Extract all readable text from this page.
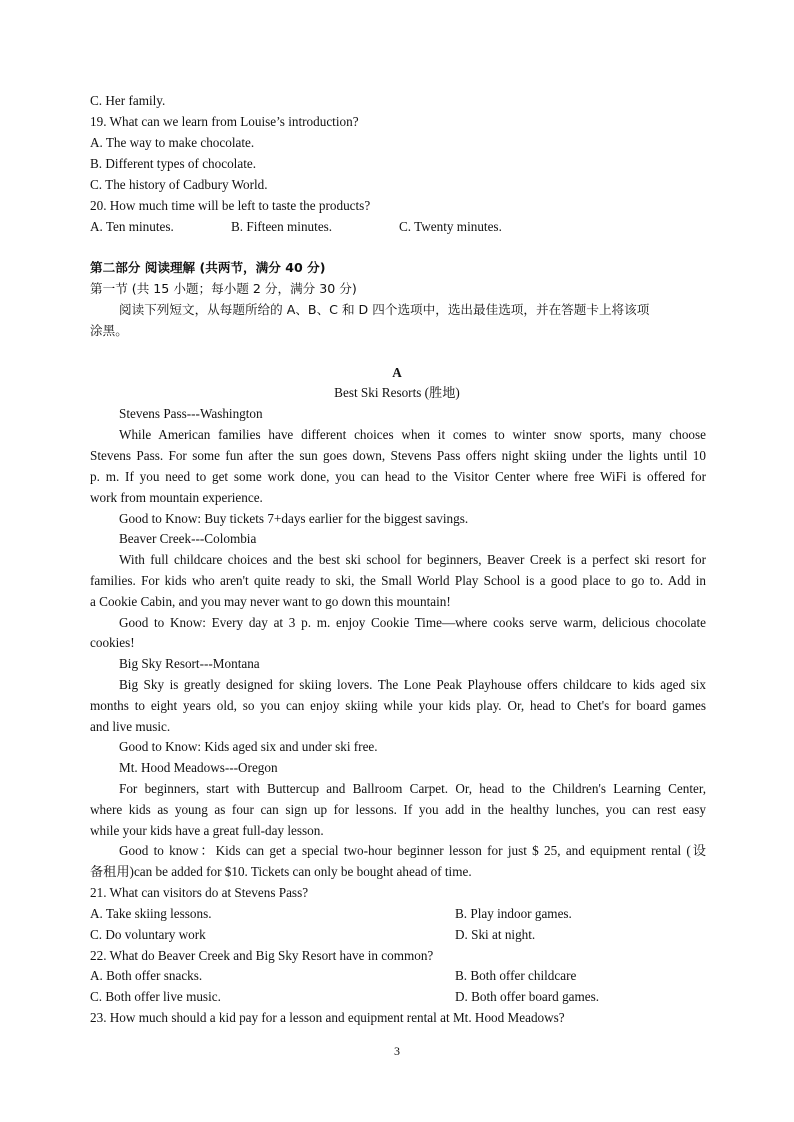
C. Her family.
19. What can we learn from Louise’s introduction?
A. The way to make chocolate.
B. Different types of chocolate.
C. The history of Cadbury World.
20. How much time will be left to taste the products?
A. Ten minutes.	B. Fifteen minutes.	C. Twenty minutes.
第二部分 阅读理解 (共两节，满分 40 分)
第一节 (共 15 小题；每小题 2 分，满分 30 分)
阅读下列短文，从每题所给的 A、B、C 和 D 四个选项中，选出最佳选项，并在答题卡上将该项
涂黑。
A
Best Ski Resorts (胜地)
Stevens Pass---Washington
While American families have different choices when it comes to winter snow sports, many choose
Stevens Pass. For some fun after the sun goes down, Stevens Pass offers night skiing under the lights until 10
p. m. If you need to get some work done, you can head to the Visitor Center where free WiFi is offered for
work from mountain experience.
Good to Know: Buy tickets 7+days earlier for the biggest savings.
Beaver Creek---Colombia
With full childcare choices and the best ski school for beginners, Beaver Creek is a perfect ski resort for
families. For kids who aren't quite ready to ski, the Small World Play School is a good place to go to. Add in
a Cookie Cabin, and you may never want to go down this mountain!
Good to Know: Every day at 3 p. m. enjoy Cookie Time—where cooks serve warm, delicious chocolate
cookies!
Big Sky Resort---Montana
Big Sky is greatly designed for skiing lovers. The Lone Peak Playhouse offers childcare to kids aged six
months to eight years old, so you can enjoy skiing while your kids play. Or, head to Chet's for board games
and live music.
Good to Know: Kids aged six and under ski free.
Mt. Hood Meadows---Oregon
For beginners, start with Buttercup and Ballroom Carpet. Or, head to the Children's Learning Center,
where kids as young as four can sign up for lessons. If you add in the healthy lunches, you can rest easy
while your kids have a great full-day lesson.
Good to know：Kids can get a special two-hour beginner lesson for just $ 25, and equipment rental (设
备租用)can be added for $10. Tickets can only be bought ahead of time.
21. What can visitors do at Stevens Pass?
A. Take skiing lessons.	B. Play indoor games.
C. Do voluntary work	D. Ski at night.
22. What do Beaver Creek and Big Sky Resort have in common?
A. Both offer snacks.	B. Both offer childcare
C. Both offer live music.	D. Both offer board games.
23. How much should a kid pay for a lesson and equipment rental at Mt. Hood Meadows?
3
